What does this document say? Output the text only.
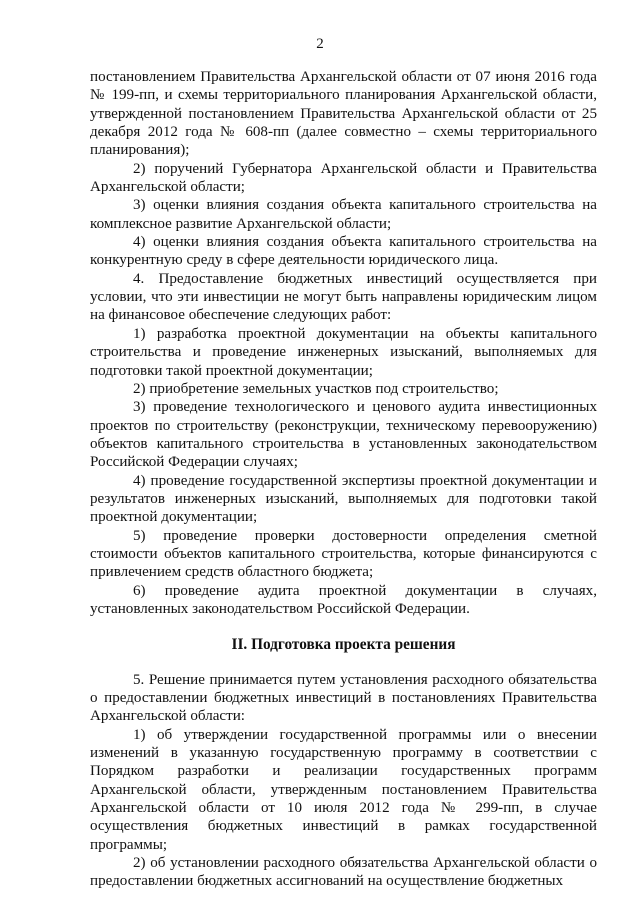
2

постановлением Правительства Архангельской области от 07 июня 2016 года № 199-пп, и схемы территориального планирования Архангельской области, утвержденной постановлением Правительства Архангельской области от 25 декабря 2012 года № 608-пп (далее совместно – схемы территориального планирования);

2) поручений Губернатора Архангельской области и Правительства Архангельской области;

3) оценки влияния создания объекта капитального строительства на комплексное развитие Архангельской области;

4) оценки влияния создания объекта капитального строительства на конкурентную среду в сфере деятельности юридического лица.

4. Предоставление бюджетных инвестиций осуществляется при условии, что эти инвестиции не могут быть направлены юридическим лицом на финансовое обеспечение следующих работ:

1) разработка проектной документации на объекты капитального строительства и проведение инженерных изысканий, выполняемых для подготовки такой проектной документации;

2) приобретение земельных участков под строительство;

3) проведение технологического и ценового аудита инвестиционных проектов по строительству (реконструкции, техническому перевооружению) объектов капитального строительства в установленных законодательством Российской Федерации случаях;

4) проведение государственной экспертизы проектной документации и результатов инженерных изысканий, выполняемых для подготовки такой проектной документации;

5) проведение проверки достоверности определения сметной стоимости объектов капитального строительства, которые финансируются с привлечением средств областного бюджета;

6) проведение аудита проектной документации в случаях, установленных законодательством Российской Федерации.

II. Подготовка проекта решения

5. Решение принимается путем установления расходного обязательства о предоставлении бюджетных инвестиций в постановлениях Правительства Архангельской области:

1) об утверждении государственной программы или о внесении изменений в указанную государственную программу в соответствии с Порядком разработки и реализации государственных программ Архангельской области, утвержденным постановлением Правительства Архангельской области от 10 июля 2012 года № 299-пп, в случае осуществления бюджетных инвестиций в рамках государственной программы;

2) об установлении расходного обязательства Архангельской области о предоставлении бюджетных ассигнований на осуществление бюджетных
